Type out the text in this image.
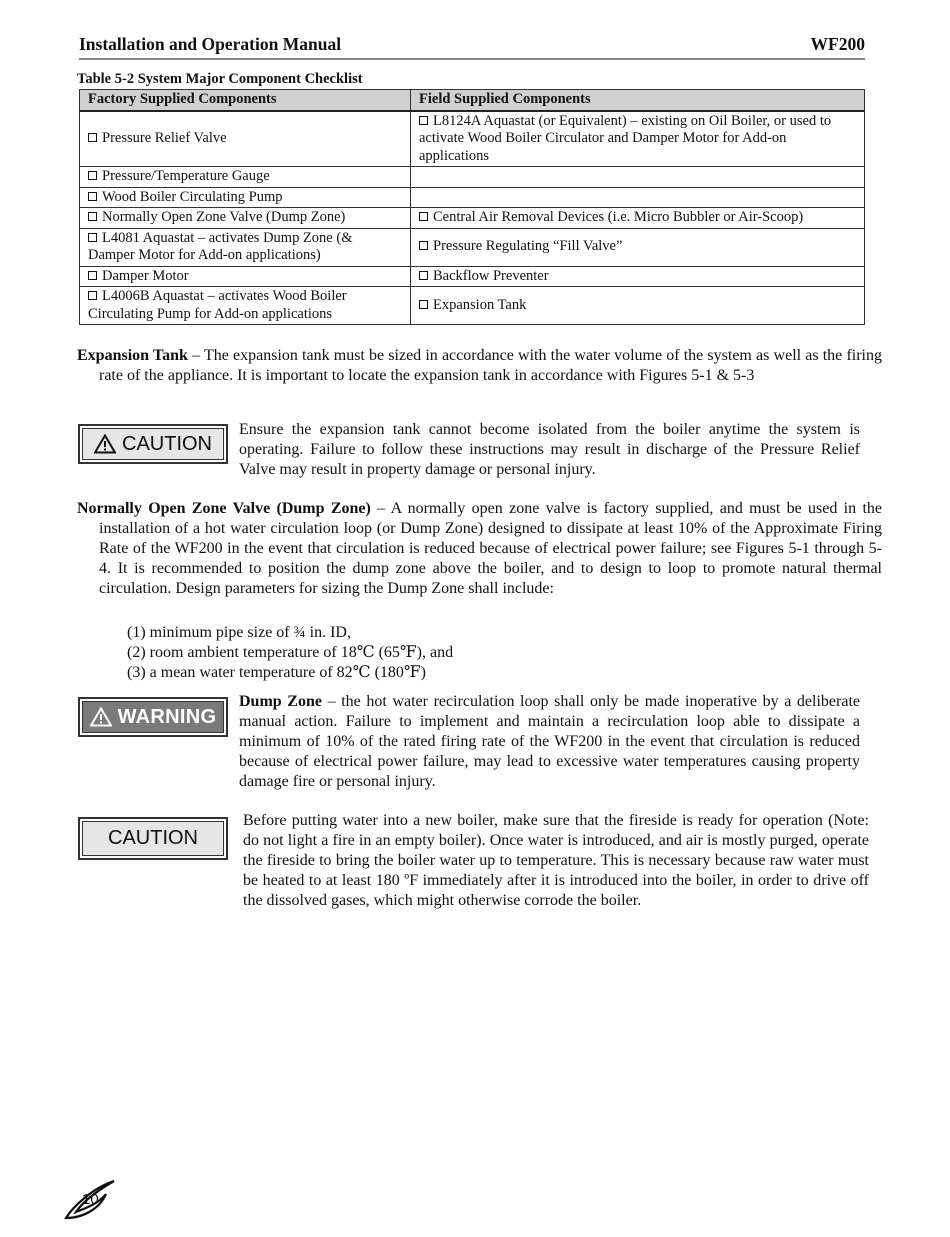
Installation and Operation Manual	WF200
Table 5-2 System Major Component Checklist
Factory Supplied Components	Field Supplied Components
Pressure Relief Valve	L8124A Aquastat (or Equivalent) – existing on Oil Boiler, or used to activate Wood Boiler Circulator and Damper Motor for Add-on applications
Pressure/Temperature Gauge	
Wood Boiler Circulating Pump	
Normally Open Zone Valve (Dump Zone)	Central Air Removal Devices (i.e. Micro Bubbler or Air-Scoop)
L4081 Aquastat – activates Dump Zone (& Damper Motor for Add-on applications)	Pressure Regulating “Fill Valve”
Damper Motor	Backflow Preventer
L4006B Aquastat – activates Wood Boiler Circulating Pump for Add-on applications	Expansion Tank
Expansion Tank – The expansion tank must be sized in accordance with the water volume of the system as well as the firing rate of the appliance. It is important to locate the expansion tank in accordance with Figures 5-1 & 5-3
CAUTION
Ensure the expansion tank cannot become isolated from the boiler anytime the system is operating. Failure to follow these instructions may result in discharge of the Pressure Relief Valve may result in property damage or personal injury.
Normally Open Zone Valve (Dump Zone) – A normally open zone valve is factory supplied, and must be used in the installation of a hot water circulation loop (or Dump Zone) designed to dissipate at least 10% of the Approximate Firing Rate of the WF200 in the event that circulation is reduced because of electrical power failure; see Figures 5-1 through 5-4. It is recommended to position the dump zone above the boiler, and to design to loop to promote natural thermal circulation. Design parameters for sizing the Dump Zone shall include:
(1) minimum pipe size of ¾ in. ID,
(2) room ambient temperature of 18℃ (65℉), and
(3) a mean water temperature of 82℃ (180℉)
WARNING
Dump Zone – the hot water recirculation loop shall only be made inoperative by a deliberate manual action. Failure to implement and maintain a recirculation loop able to dissipate a minimum of 10% of the rated firing rate of the WF200 in the event that circulation is reduced because of electrical power failure, may lead to excessive water temperatures causing property damage fire or personal injury.
CAUTION
Before putting water into a new boiler, make sure that the fireside is ready for operation (Note: do not light a fire in an empty boiler). Once water is introduced, and air is mostly purged, operate the fireside to bring the boiler water up to temperature. This is necessary because raw water must be heated to at least 180 ºF immediately after it is introduced into the boiler, in order to drive off the dissolved gases, which might otherwise corrode the boiler.
10
